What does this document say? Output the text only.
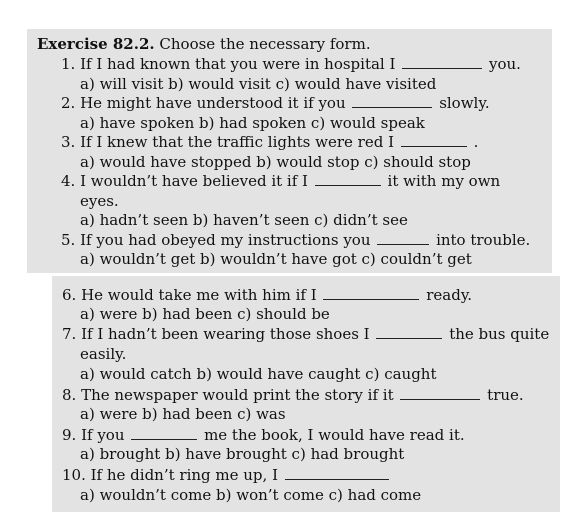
Exercise 82.2. Choose the necessary form.
1. If I had known that you were in hospital I	you.
a) will visit b) would visit c) would have visited
2. He might have understood it if you	slowly.
a) have spoken b) had spoken c) would speak
3. If I knew that the traffic lights were red I	.
a) would have stopped b) would stop c) should stop
4. I wouldn’t have believed it if I	it with my own
eyes.
a) hadn’t seen b) haven’t seen c) didn’t see
5. If you had obeyed my instructions you	into trouble.
a) wouldn’t get b) wouldn’t have got c) couldn’t get
6. He would take me with him if I	ready.
a) were b) had been c) should be
7. If I hadn’t been wearing those shoes I	the bus quite
easily.
a) would catch b) would have caught c) caught
8. The newspaper would print the story if it	true.
a) were b) had been c) was
9. If you	me the book, I would have read it.
a) brought b) have brought c) had brought
10. If he didn’t ring me up, I
a) wouldn’t come b) won’t come c) had come
